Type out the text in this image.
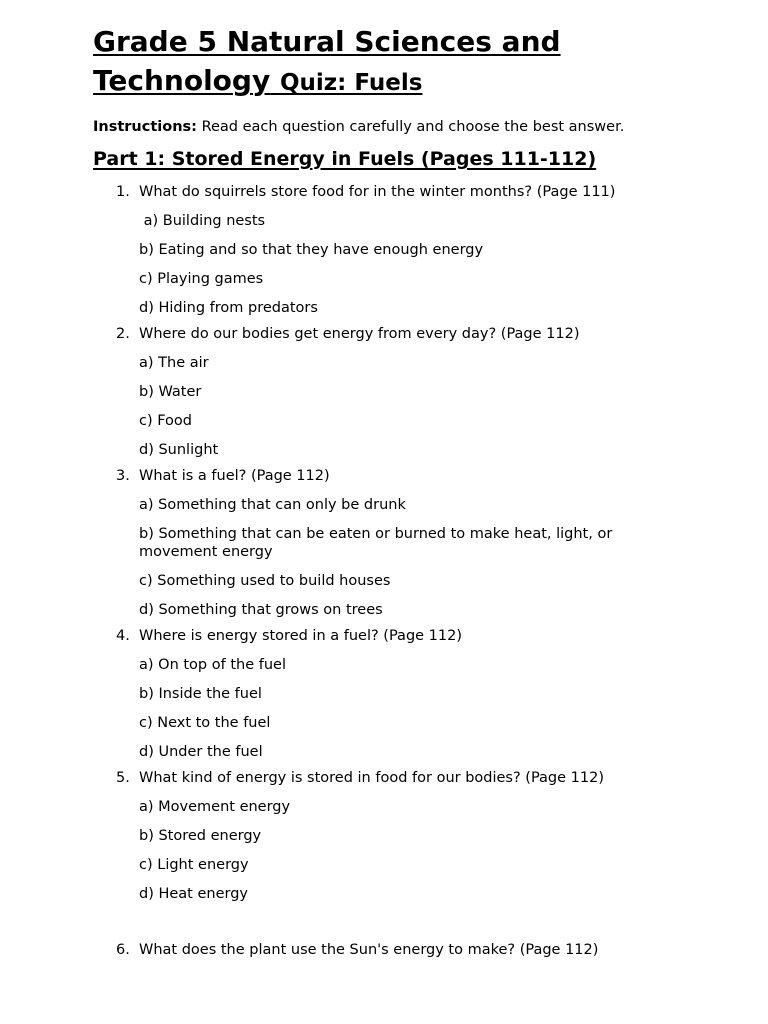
Grade 5 Natural Sciences and
Technology Quiz: Fuels

Instructions: Read each question carefully and choose the best answer.

Part 1: Stored Energy in Fuels (Pages 111-112)
1. What do squirrels store food for in the winter months? (Page 111)
a) Building nests
b) Eating and so that they have enough energy
c) Playing games
d) Hiding from predators
2. Where do our bodies get energy from every day? (Page 112)
a) The air
b) Water
c) Food
d) Sunlight
3. What is a fuel? (Page 112)
a) Something that can only be drunk
b) Something that can be eaten or burned to make heat, light, or movement energy
c) Something used to build houses
d) Something that grows on trees
4. Where is energy stored in a fuel? (Page 112)
a) On top of the fuel
b) Inside the fuel
c) Next to the fuel
d) Under the fuel
5. What kind of energy is stored in food for our bodies? (Page 112)
a) Movement energy
b) Stored energy
c) Light energy
d) Heat energy
6. What does the plant use the Sun's energy to make? (Page 112)
